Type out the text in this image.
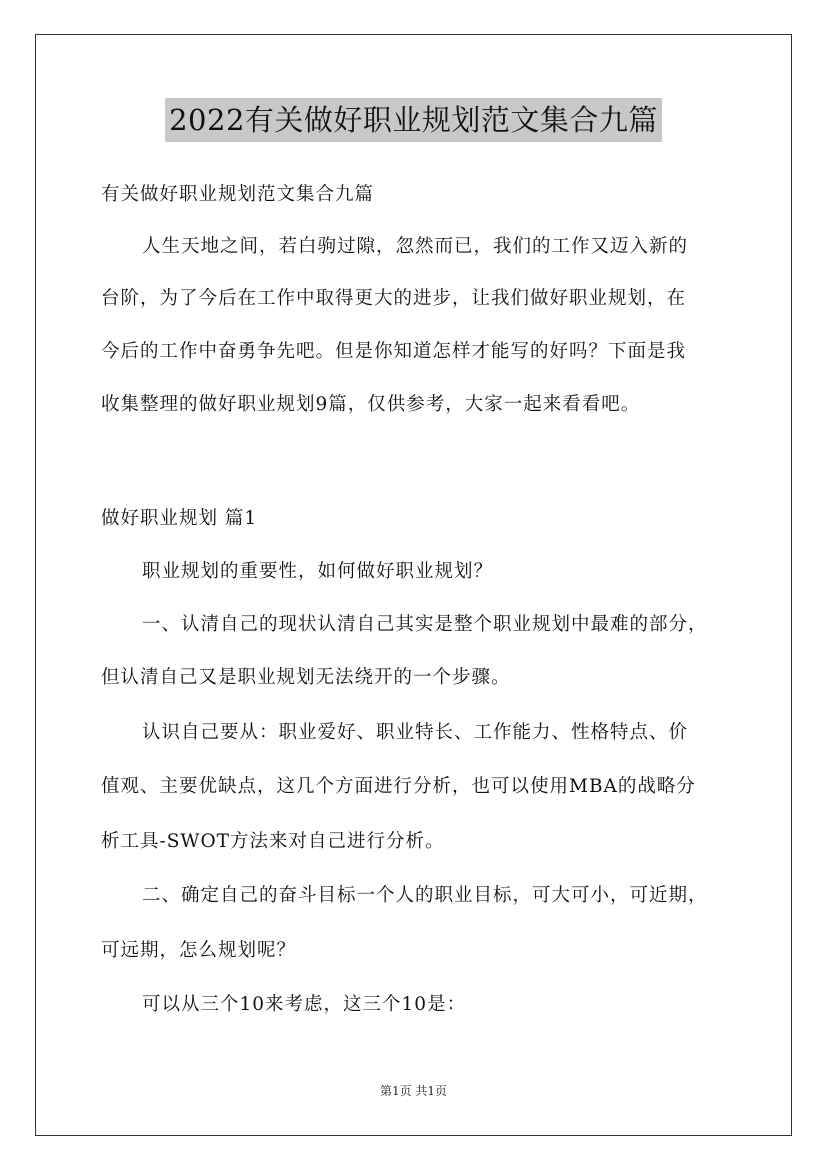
2022有关做好职业规划范文集合九篇
有关做好职业规划范文集合九篇
人生天地之间，若白驹过隙，忽然而已，我们的工作又迈入新的
台阶，为了今后在工作中取得更大的进步，让我们做好职业规划，在
今后的工作中奋勇争先吧。但是你知道怎样才能写的好吗？下面是我
收集整理的做好职业规划9篇，仅供参考，大家一起来看看吧。
做好职业规划 篇1
职业规划的重要性，如何做好职业规划？
一、认清自己的现状认清自己其实是整个职业规划中最难的部分，
但认清自己又是职业规划无法绕开的一个步骤。
认识自己要从：职业爱好、职业特长、工作能力、性格特点、价
值观、主要优缺点，这几个方面进行分析，也可以使用MBA的战略分
析工具-SWOT方法来对自己进行分析。
二、确定自己的奋斗目标一个人的职业目标，可大可小，可近期，
可远期，怎么规划呢？
可以从三个10来考虑，这三个10是：
第1页 共1页
